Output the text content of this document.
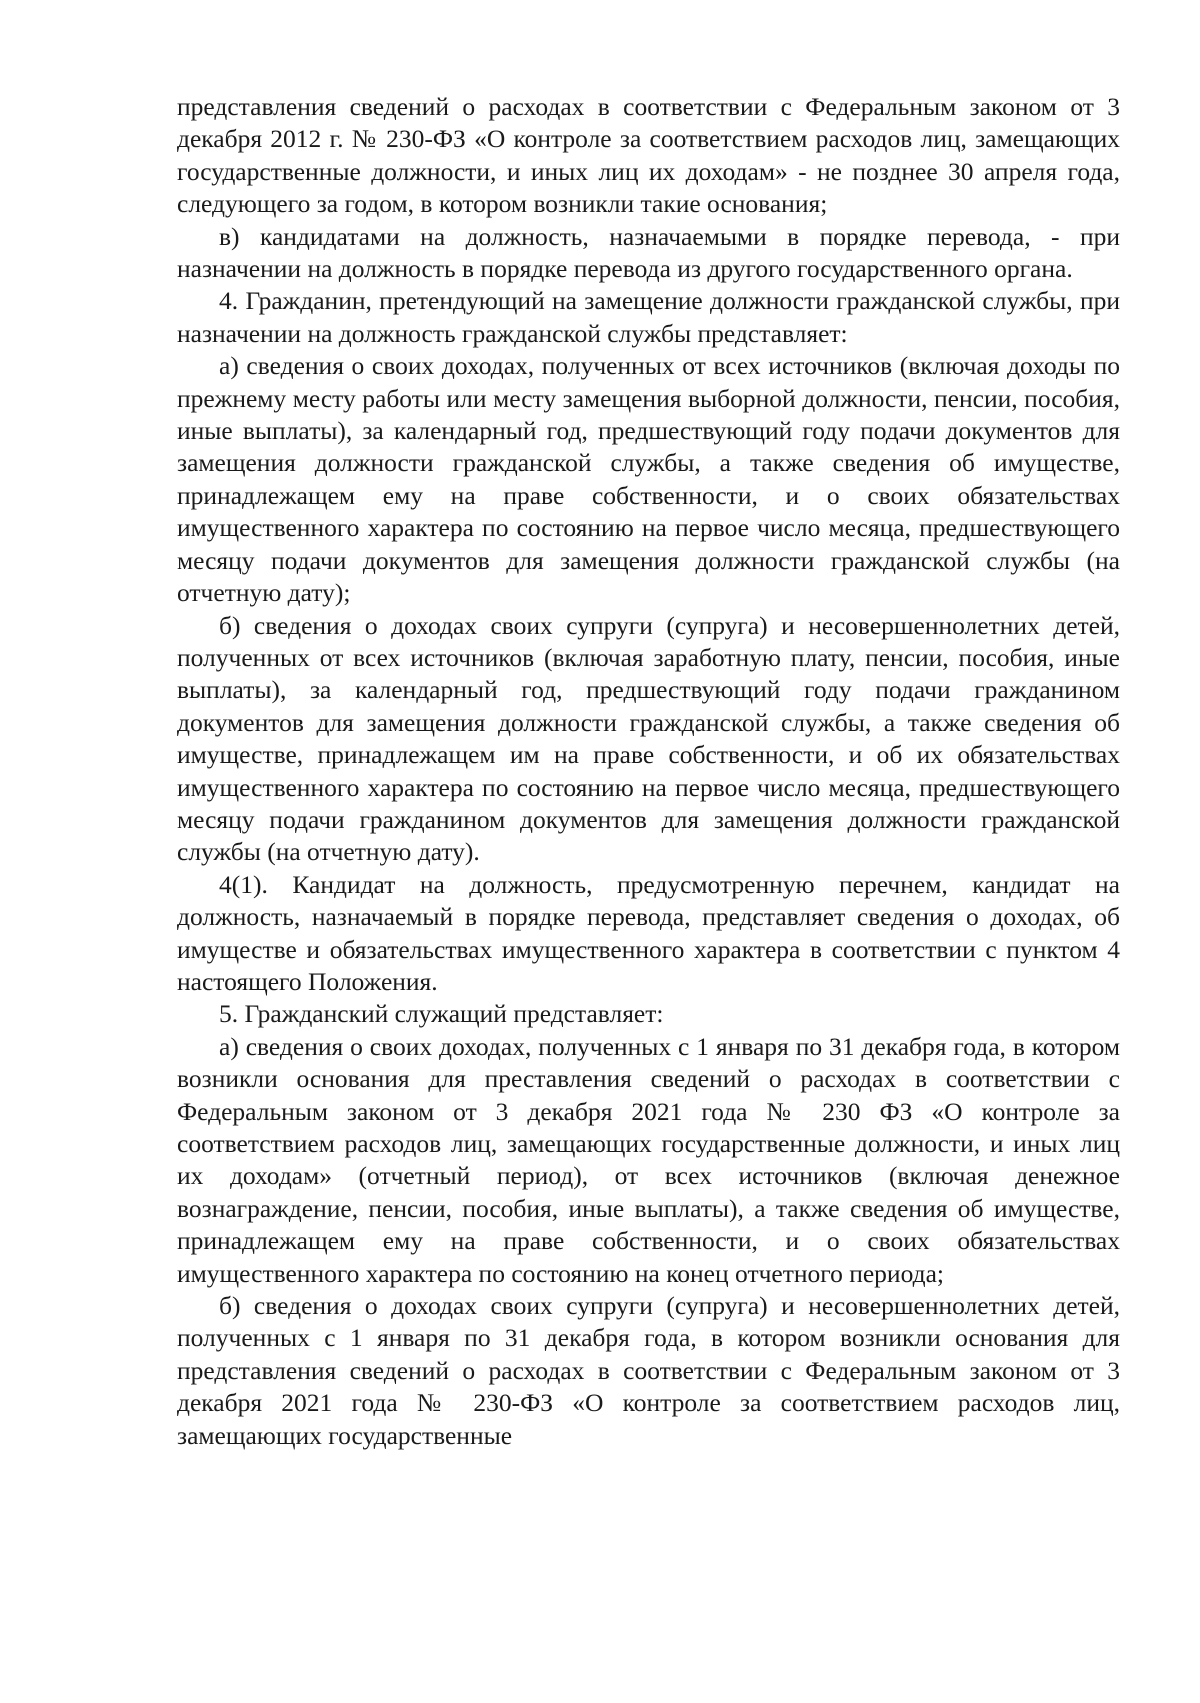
представления сведений о расходах в соответствии с Федеральным законом от 3 декабря 2012 г. № 230-ФЗ «О контроле за соответствием расходов лиц, замещающих государственные должности, и иных лиц их доходам» - не позднее 30 апреля года, следующего за годом, в котором возникли такие основания;

в) кандидатами на должность, назначаемыми в порядке перевода, - при назначении на должность в порядке перевода из другого государственного органа.

4. Гражданин, претендующий на замещение должности гражданской службы, при назначении на должность гражданской службы представляет:

а) сведения о своих доходах, полученных от всех источников (включая доходы по прежнему месту работы или месту замещения выборной должности, пенсии, пособия, иные выплаты), за календарный год, предшествующий году подачи документов для замещения должности гражданской службы, а также сведения об имуществе, принадлежащем ему на праве собственности, и о своих обязательствах имущественного характера по состоянию на первое число месяца, предшествующего месяцу подачи документов для замещения должности гражданской службы (на отчетную дату);

б) сведения о доходах своих супруги (супруга) и несовершеннолетних детей, полученных от всех источников (включая заработную плату, пенсии, пособия, иные выплаты), за календарный год, предшествующий году подачи гражданином документов для замещения должности гражданской службы, а также сведения об имуществе, принадлежащем им на праве собственности, и об их обязательствах имущественного характера по состоянию на первое число месяца, предшествующего месяцу подачи гражданином документов для замещения должности гражданской службы (на отчетную дату).

4(1). Кандидат на должность, предусмотренную перечнем, кандидат на должность, назначаемый в порядке перевода, представляет сведения о доходах, об имуществе и обязательствах имущественного характера в соответствии с пунктом 4 настоящего Положения.

5. Гражданский служащий представляет:

а) сведения о своих доходах, полученных с 1 января по 31 декабря года, в котором возникли основания для преставления сведений о расходах в соответствии с Федеральным законом от 3 декабря 2021 года № 230 ФЗ «О контроле за соответствием расходов лиц, замещающих государственные должности, и иных лиц их доходам» (отчетный период), от всех источников (включая денежное вознаграждение, пенсии, пособия, иные выплаты), а также сведения об имуществе, принадлежащем ему на праве собственности, и о своих обязательствах имущественного характера по состоянию на конец отчетного периода;

б) сведения о доходах своих супруги (супруга) и несовершеннолетних детей, полученных с 1 января по 31 декабря года, в котором возникли основания для представления сведений о расходах в соответствии с Федеральным законом от 3 декабря 2021 года № 230-ФЗ «О контроле за соответствием расходов лиц, замещающих государственные
